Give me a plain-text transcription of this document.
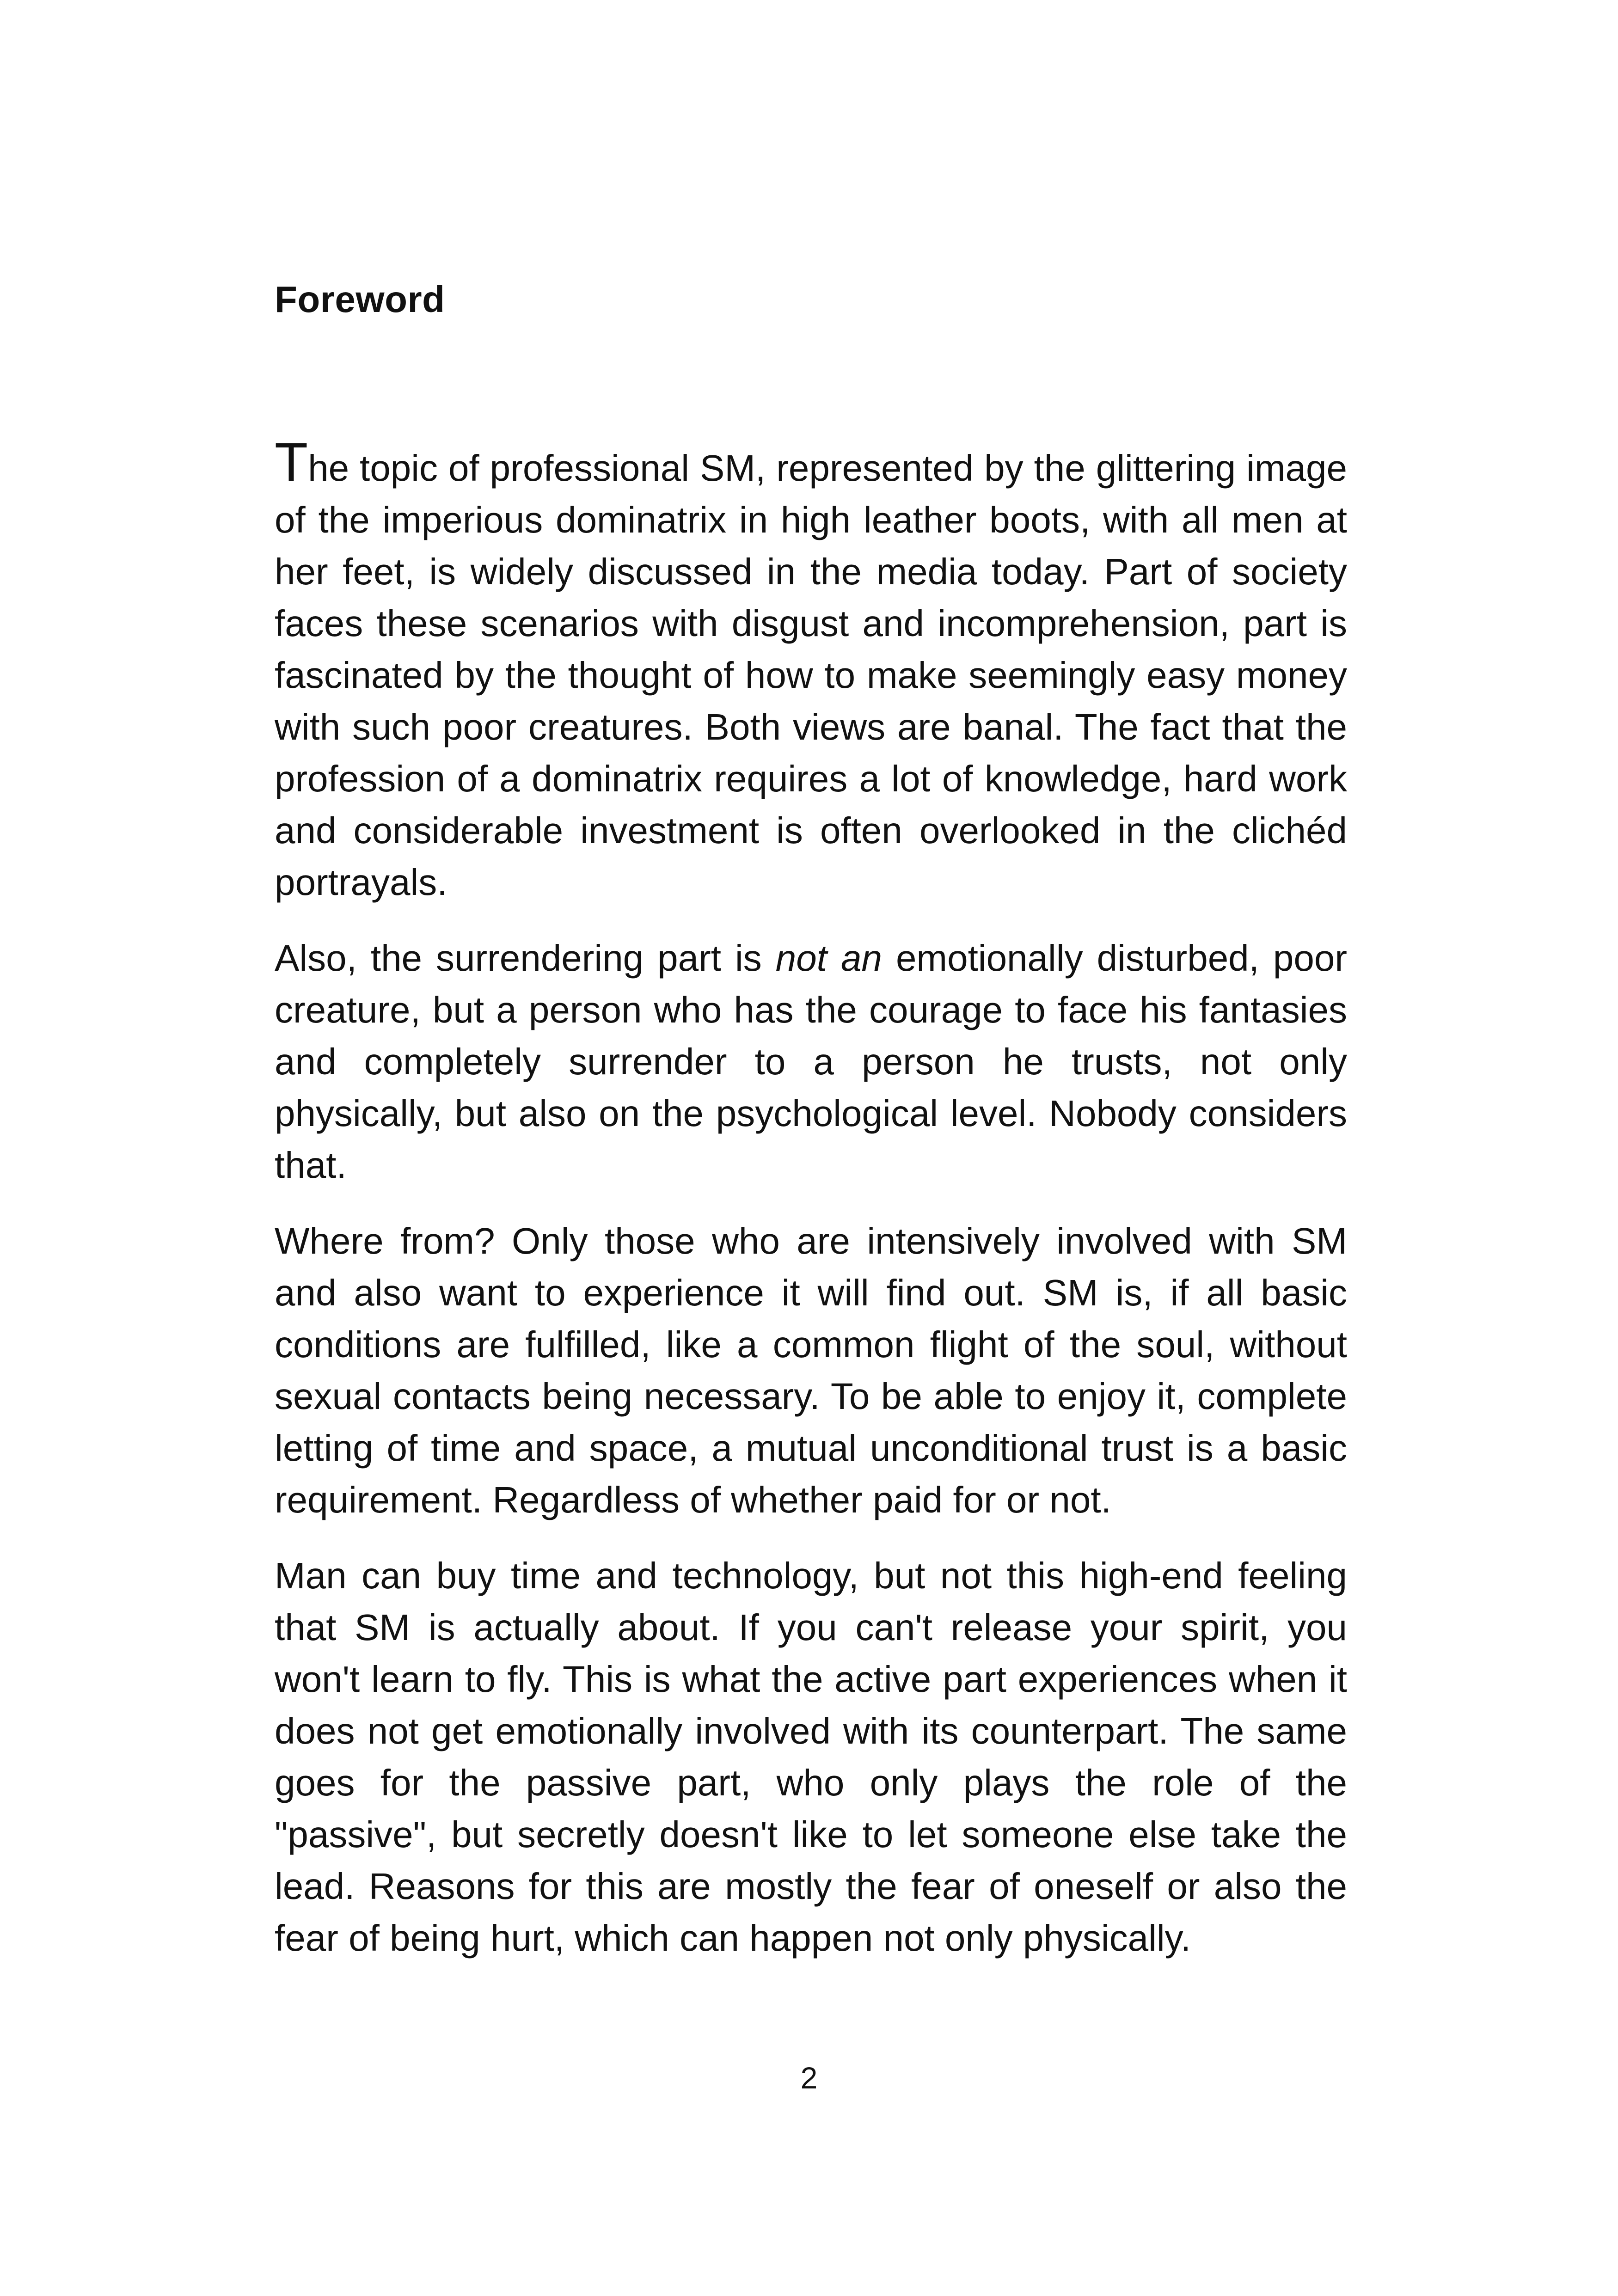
Foreword

The topic of professional SM, represented by the glittering image of the imperious dominatrix in high leather boots, with all men at her feet, is widely discussed in the media today. Part of society faces these scenarios with disgust and incomprehension, part is fascinated by the thought of how to make seemingly easy money with such poor creatures. Both views are banal. The fact that the profession of a dominatrix requires a lot of knowledge, hard work and considerable investment is often overlooked in the clichéd portrayals.

Also, the surrendering part is not an emotionally disturbed, poor creature, but a person who has the courage to face his fantasies and completely surrender to a person he trusts, not only physically, but also on the psychological level. Nobody considers that.

Where from? Only those who are intensively involved with SM and also want to experience it will find out. SM is, if all basic conditions are fulfilled, like a common flight of the soul, without sexual contacts being necessary. To be able to enjoy it, complete letting of time and space, a mutual unconditional trust is a basic requirement. Regardless of whether paid for or not.

Man can buy time and technology, but not this high-end feeling that SM is actually about. If you can't release your spirit, you won't learn to fly. This is what the active part experiences when it does not get emotionally involved with its counterpart. The same goes for the passive part, who only plays the role of the "passive", but secretly doesn't like to let someone else take the lead. Reasons for this are mostly the fear of oneself or also the fear of being hurt, which can happen not only physically.

2
